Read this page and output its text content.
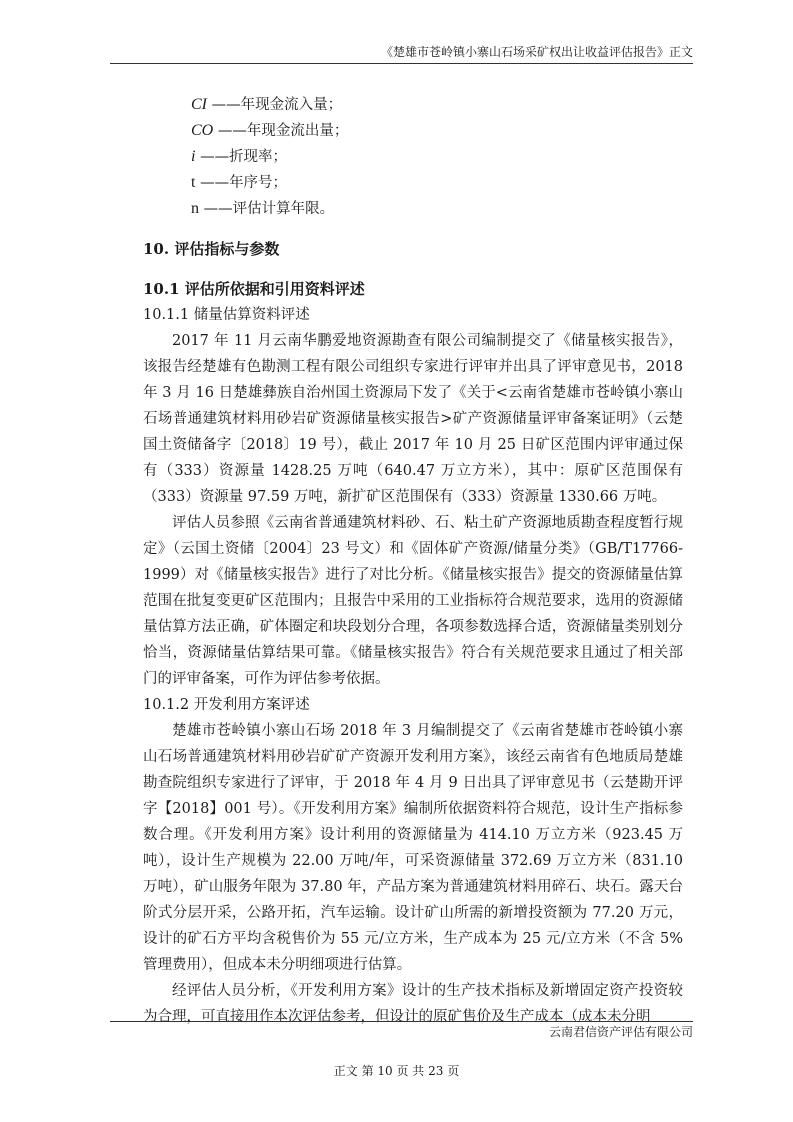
《楚雄市苍岭镇小寨山石场采矿权出让收益评估报告》正文
CI ——年现金流入量；
CO ——年现金流出量；
i ——折现率；
t ——年序号；
n ——评估计算年限。
10. 评估指标与参数
10.1 评估所依据和引用资料评述
10.1.1 储量估算资料评述

2017 年 11 月云南华鹏爱地资源勘查有限公司编制提交了《储量核实报告》，该报告经楚雄有色勘测工程有限公司组织专家进行评审并出具了评审意见书，2018 年 3 月 16 日楚雄彝族自治州国土资源局下发了《关于<云南省楚雄市苍岭镇小寨山石场普通建筑材料用砂岩矿资源储量核实报告>矿产资源储量评审备案证明》（云楚国土资储备字〔2018〕19 号），截止 2017 年 10 月 25 日矿区范围内评审通过保有（333）资源量 1428.25 万吨（640.47 万立方米），其中：原矿区范围保有（333）资源量 97.59 万吨，新扩矿区范围保有（333）资源量 1330.66 万吨。

评估人员参照《云南省普通建筑材料砂、石、粘土矿产资源地质勘查程度暂行规定》（云国土资储〔2004〕23 号文）和《固体矿产资源/储量分类》（GB/T17766-1999）对《储量核实报告》进行了对比分析。《储量核实报告》提交的资源储量估算范围在批复变更矿区范围内；且报告中采用的工业指标符合规范要求，选用的资源储量估算方法正确，矿体圈定和块段划分合理，各项参数选择合适，资源储量类别划分恰当，资源储量估算结果可靠。《储量核实报告》符合有关规范要求且通过了相关部门的评审备案，可作为评估参考依据。

10.1.2 开发利用方案评述

楚雄市苍岭镇小寨山石场 2018 年 3 月编制提交了《云南省楚雄市苍岭镇小寨山石场普通建筑材料用砂岩矿矿产资源开发利用方案》，该经云南省有色地质局楚雄勘查院组织专家进行了评审，于 2018 年 4 月 9 日出具了评审意见书（云楚勘开评字【2018】001 号）。《开发利用方案》编制所依据资料符合规范，设计生产指标参数合理。《开发利用方案》设计利用的资源储量为 414.10 万立方米（923.45 万吨），设计生产规模为 22.00 万吨/年，可采资源储量 372.69 万立方米（831.10 万吨），矿山服务年限为 37.80 年，产品方案为普通建筑材料用碎石、块石。露天台阶式分层开采，公路开拓，汽车运输。设计矿山所需的新增投资额为 77.20 万元，设计的矿石方平均含税售价为 55 元/立方米，生产成本为 25 元/立方米（不含 5%管理费用），但成本未分明细项进行估算。

经评估人员分析，《开发利用方案》设计的生产技术指标及新增固定资产投资较为合理，可直接用作本次评估参考，但设计的原矿售价及生产成本（成本未分明

云南君信资产评估有限公司
正文 第 10 页 共 23 页
